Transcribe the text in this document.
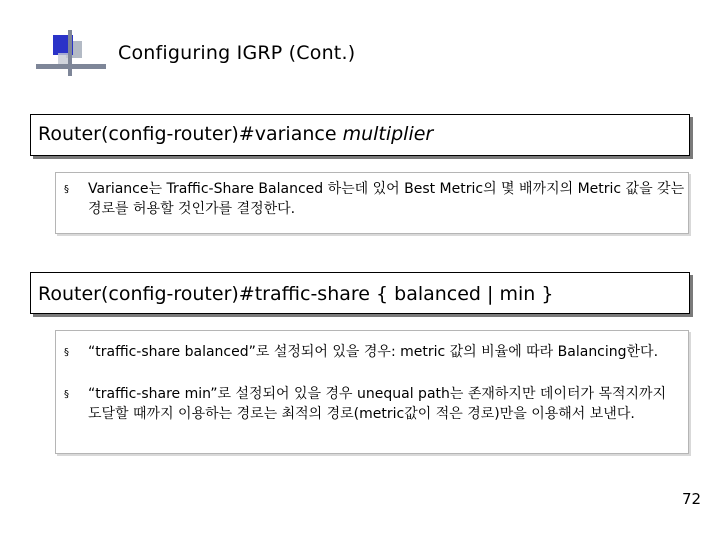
Configuring IGRP (Cont.)
Router(config-router)#variance multiplier
§ Variance는 Traffic-Share Balanced 하는데 있어 Best Metric의 몇 배까지의 Metric 값을 갖는 경로를 허용할 것인가를 결정한다.
Router(config-router)#traffic-share { balanced | min }
§ “traffic-share balanced”로 설정되어 있을 경우: metric 값의 비율에 따라 Balancing한다.
§ “traffic-share min”로 설정되어 있을 경우 unequal path는 존재하지만 데이터가 목적지까지 도달할 때까지 이용하는 경로는 최적의 경로(metric값이 적은 경로)만을 이용해서 보낸다.
72
